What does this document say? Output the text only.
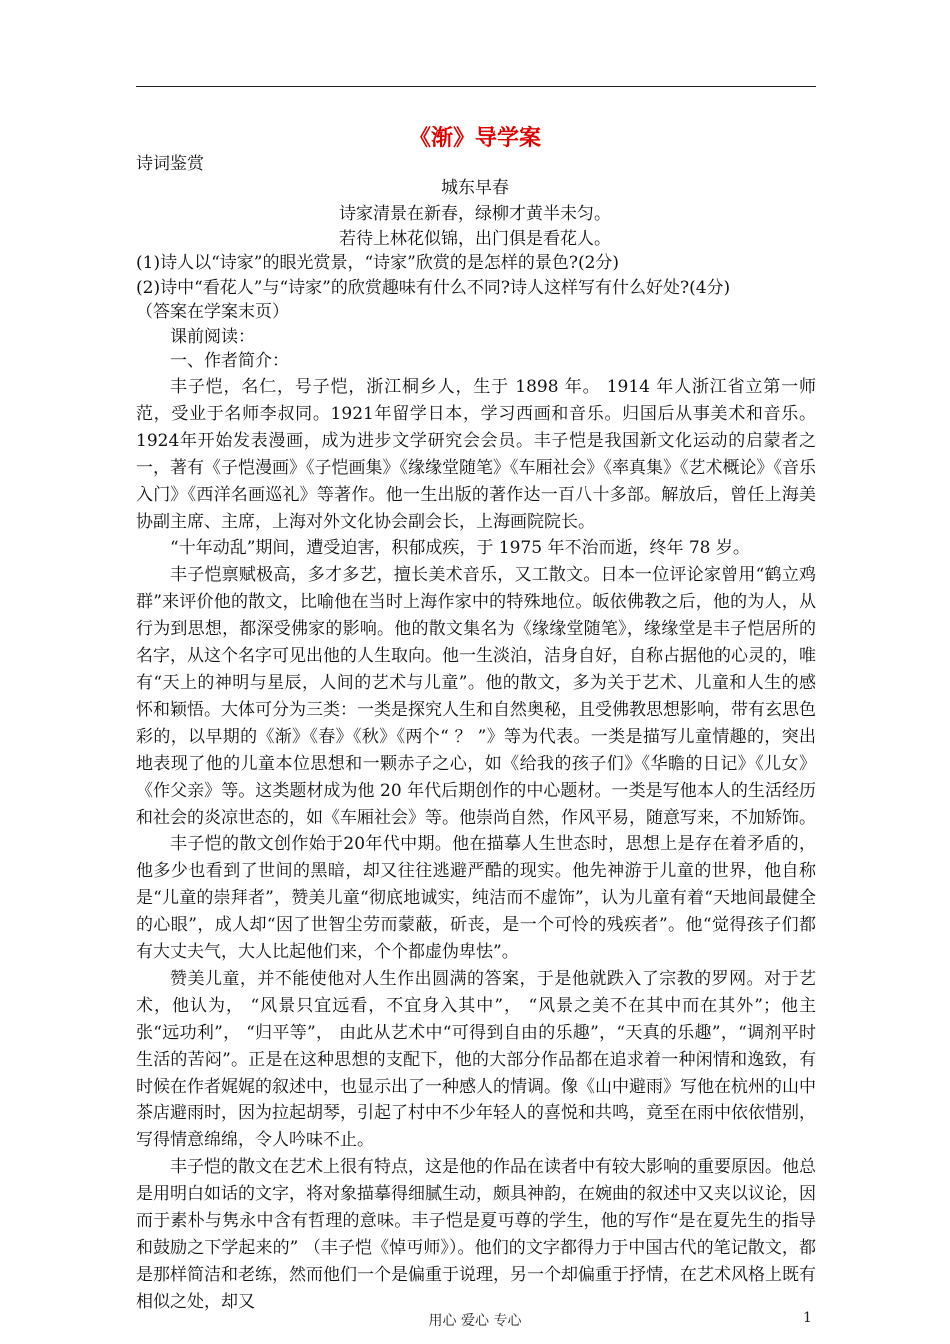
《渐》导学案
诗词鉴赏
城东早春
诗家清景在新春，绿柳才黄半未匀。
若待上林花似锦，出门俱是看花人。
(1)诗人以“诗家”的眼光赏景，“诗家”欣赏的是怎样的景色?(2分)
(2)诗中“看花人”与“诗家”的欣赏趣味有什么不同?诗人这样写有什么好处?(4分)
（答案在学案末页）
课前阅读：
一、作者简介：

丰子恺，名仁，号子恺，浙江桐乡人，生于 1898 年。 1914 年人浙江省立第一师范，受业于名师李叔同。1921年留学日本，学习西画和音乐。归国后从事美术和音乐。1924年开始发表漫画，成为进步文学研究会会员。丰子恺是我国新文化运动的启蒙者之一，著有《子恺漫画》《子恺画集》《缘缘堂随笔》《车厢社会》《率真集》《艺术概论》《音乐入门》《西洋名画巡礼》等著作。他一生出版的著作达一百八十多部。解放后，曾任上海美协副主席、主席，上海对外文化协会副会长，上海画院院长。

“十年动乱”期间，遭受迫害，积郁成疾，于 1975 年不治而逝，终年 78 岁。

丰子恺禀赋极高，多才多艺，擅长美术音乐，又工散文。日本一位评论家曾用“鹤立鸡群”来评价他的散文，比喻他在当时上海作家中的特殊地位。皈依佛教之后，他的为人，从行为到思想，都深受佛家的影响。他的散文集名为《缘缘堂随笔》，缘缘堂是丰子恺居所的名字，从这个名字可见出他的人生取向。他一生淡泊，洁身自好，自称占据他的心灵的，唯有“天上的神明与星辰，人间的艺术与儿童”。他的散文，多为关于艺术、儿童和人生的感怀和颖悟。大体可分为三类：一类是探究人生和自然奥秘，且受佛教思想影响，带有玄思色彩的，以早期的《渐》《春》《秋》《两个“ ？ ”》等为代表。一类是描写儿童情趣的，突出地表现了他的儿童本位思想和一颗赤子之心，如《给我的孩子们》《华瞻的日记》《儿女》《作父亲》等。这类题材成为他 20 年代后期创作的中心题材。一类是写他本人的生活经历和社会的炎凉世态的，如《车厢社会》等。他崇尚自然，作风平易，随意写来，不加矫饰。

丰子恺的散文创作始于20年代中期。他在描摹人生世态时，思想上是存在着矛盾的，他多少也看到了世间的黑暗，却又往往逃避严酷的现实。他先神游于儿童的世界，他自称是“儿童的崇拜者”，赞美儿童“彻底地诚实，纯洁而不虚饰”，认为儿童有着“天地间最健全的心眼”，成人却“因了世智尘劳而蒙蔽，斫丧，是一个可怜的残疾者”。他“觉得孩子们都有大丈夫气，大人比起他们来，个个都虚伪卑怯”。

赞美儿童，并不能使他对人生作出圆满的答案，于是他就跌入了宗教的罗网。对于艺术，他认为， “风景只宜远看，不宜身入其中”， “风景之美不在其中而在其外”；他主张“远功利”， “归平等”， 由此从艺术中“可得到自由的乐趣”，“天真的乐趣”，“调剂平时生活的苦闷”。正是在这种思想的支配下，他的大部分作品都在追求着一种闲情和逸致，有时候在作者娓娓的叙述中，也显示出了一种感人的情调。像《山中避雨》写他在杭州的山中茶店避雨时，因为拉起胡琴，引起了村中不少年轻人的喜悦和共鸣，竟至在雨中依依惜别，写得情意绵绵，令人吟味不止。

丰子恺的散文在艺术上很有特点，这是他的作品在读者中有较大影响的重要原因。他总是用明白如话的文字，将对象描摹得细腻生动，颇具神韵，在婉曲的叙述中又夹以议论，因而于素朴与隽永中含有哲理的意味。丰子恺是夏丏尊的学生，他的写作“是在夏先生的指导和鼓励之下学起来的” （丰子恺《悼丏师》）。他们的文字都得力于中国古代的笔记散文，都是那样简洁和老练，然而他们一个是偏重于说理，另一个却偏重于抒情，在艺术风格上既有相似之处，却又

用心 爱心 专心	1
